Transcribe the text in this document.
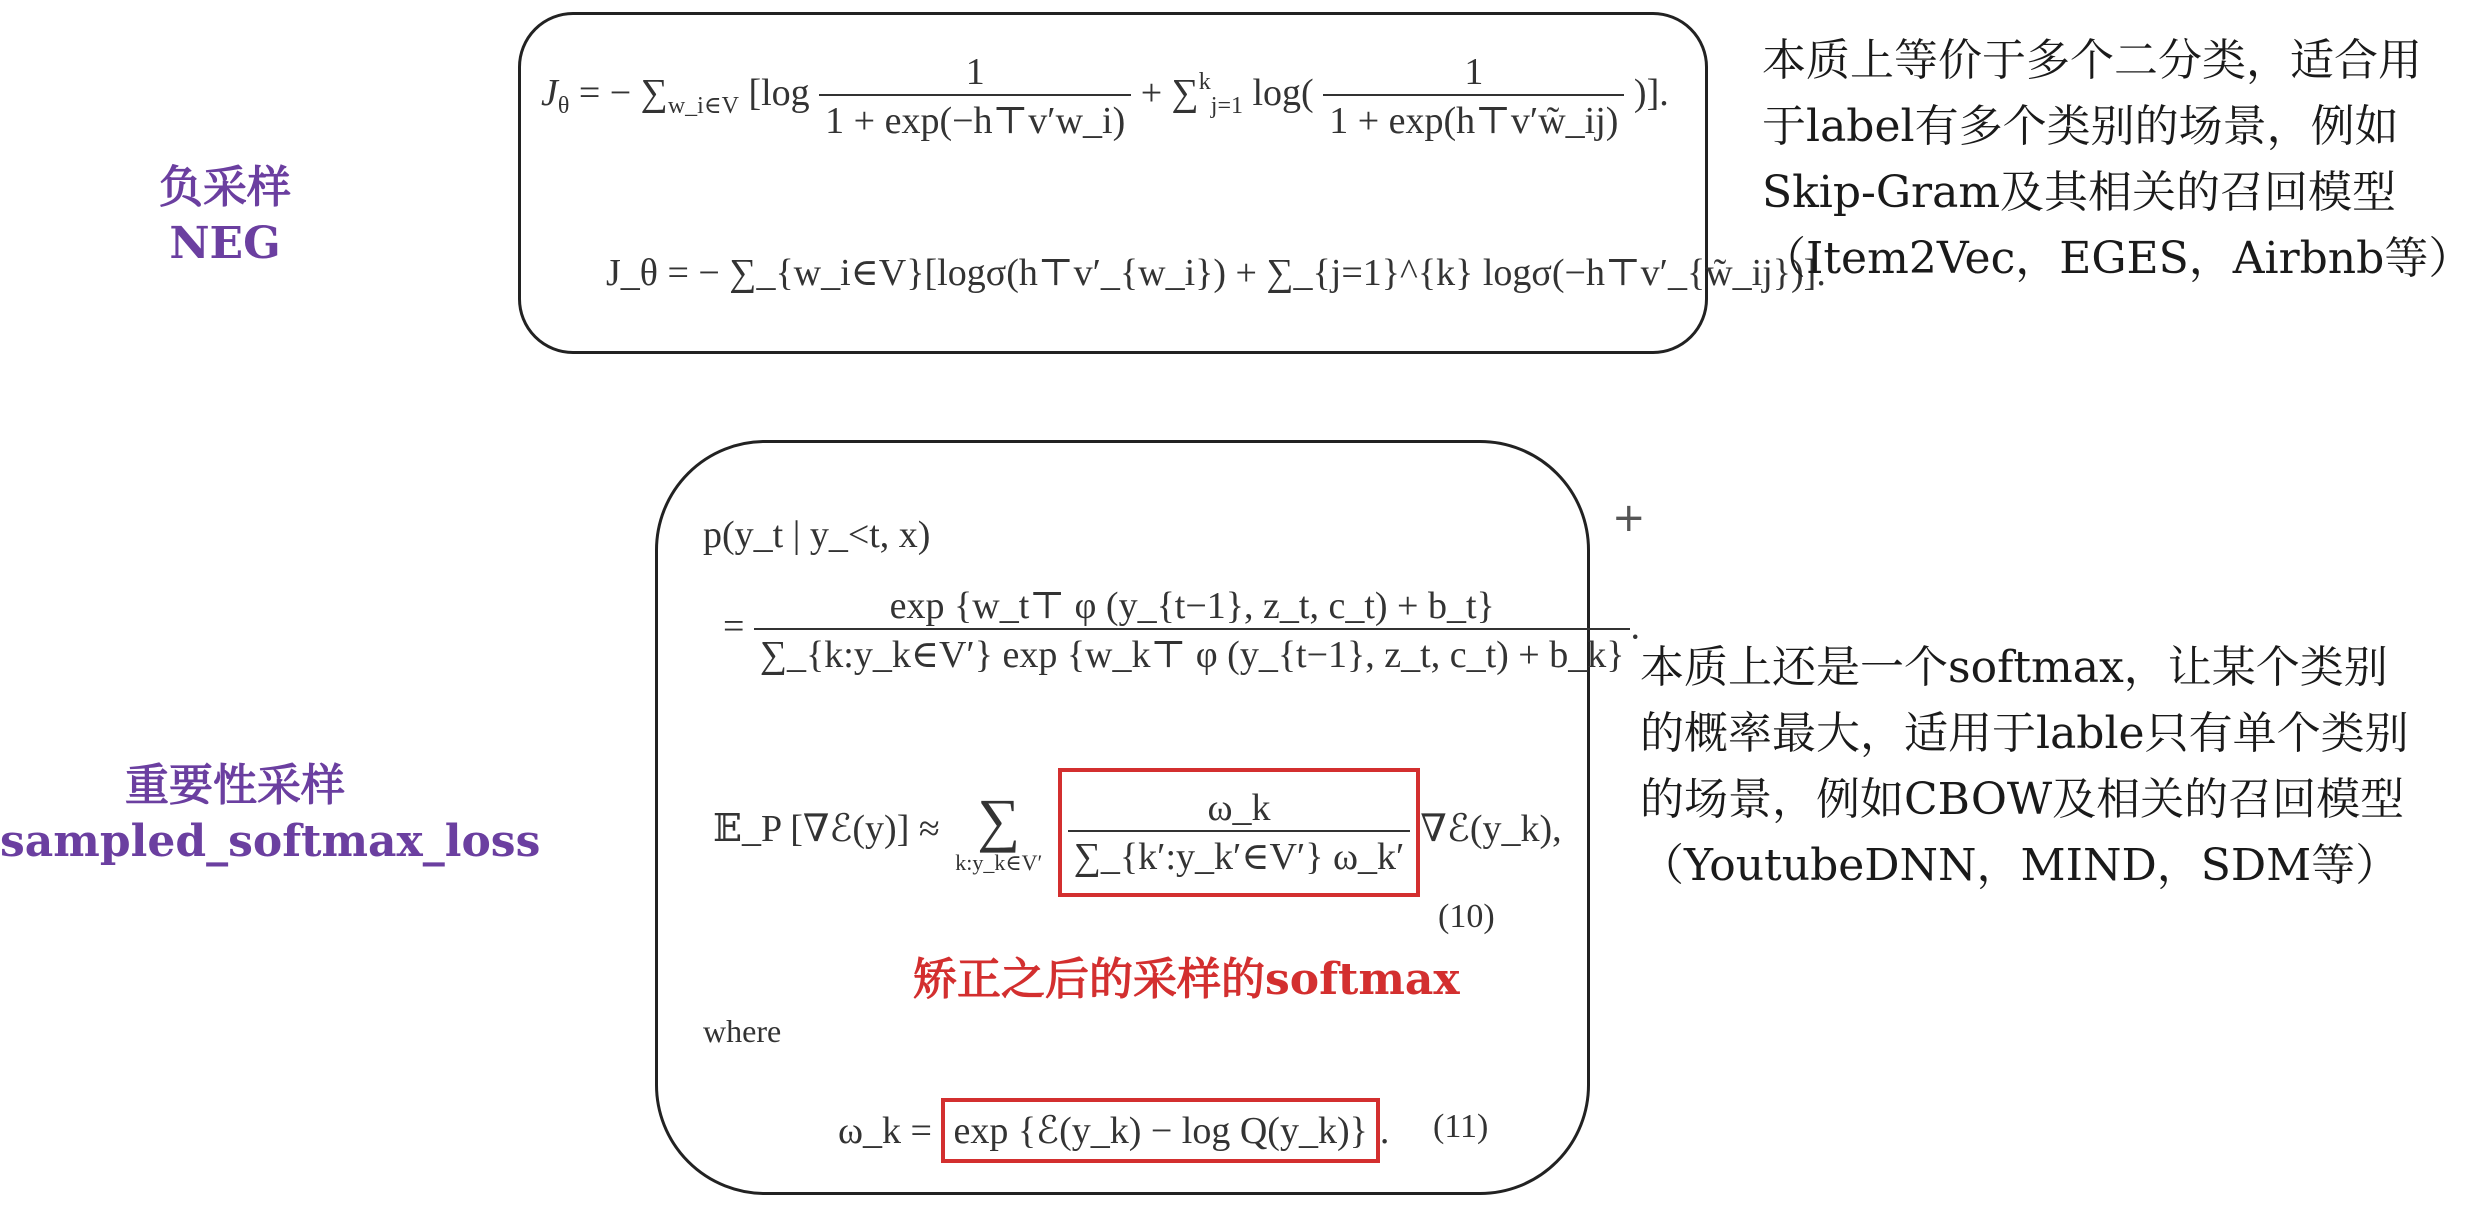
负采样
NEG
$J_\theta$ = − $\sum_{w\_i\in V}$ [$\log \frac{1}{1 + \exp(-h⊤v'w\_i)} + \sum^k_{j=1}$ $\log( \frac{1}{1 + \exp(h⊤v'w̃\_ij)}$ )].
J_θ = − ∑_{w_i∈V}[logσ(h⊤v′_{w_i}) + ∑_{j=1}^{k} logσ(−h⊤v′_{w̃_ij})].
本质上等价于多个二分类，适合用于label有多个类别的场景，例如Skip-Gram及其相关的召回模型（Item2Vec，EGES，Airbnb等）
重要性采样
sampled_softmax_loss
p(y_t | y_<t, x)
= $\frac{\exp \{w\_t⊤ \varphi (y\_\{t-1\}, z\_t, c\_t) + b\_t\}}{\sum\_\{k:y\_k\in V'\} \exp \{w\_k⊤ \varphi (y\_\{t-1\}, z\_t, c\_t) + b\_k\}}$ .
𝔼_P [∇ℰ(y)] ≈ ∑
k:y_k∈V′
$\frac{\omega\_k}{\sum\_\{k':y\_k'\in V'\} \omega\_k'}$ ∇ℰ(y_k),
(10)
矫正之后的采样的softmax
where
ω_k = exp {ℰ(y_k) − log Q(y_k)} . (11)
+
本质上还是一个softmax，让某个类别的概率最大，适用于lable只有单个类别的场景，例如CBOW及相关的召回模型（YoutubeDNN，MIND，SDM等）
